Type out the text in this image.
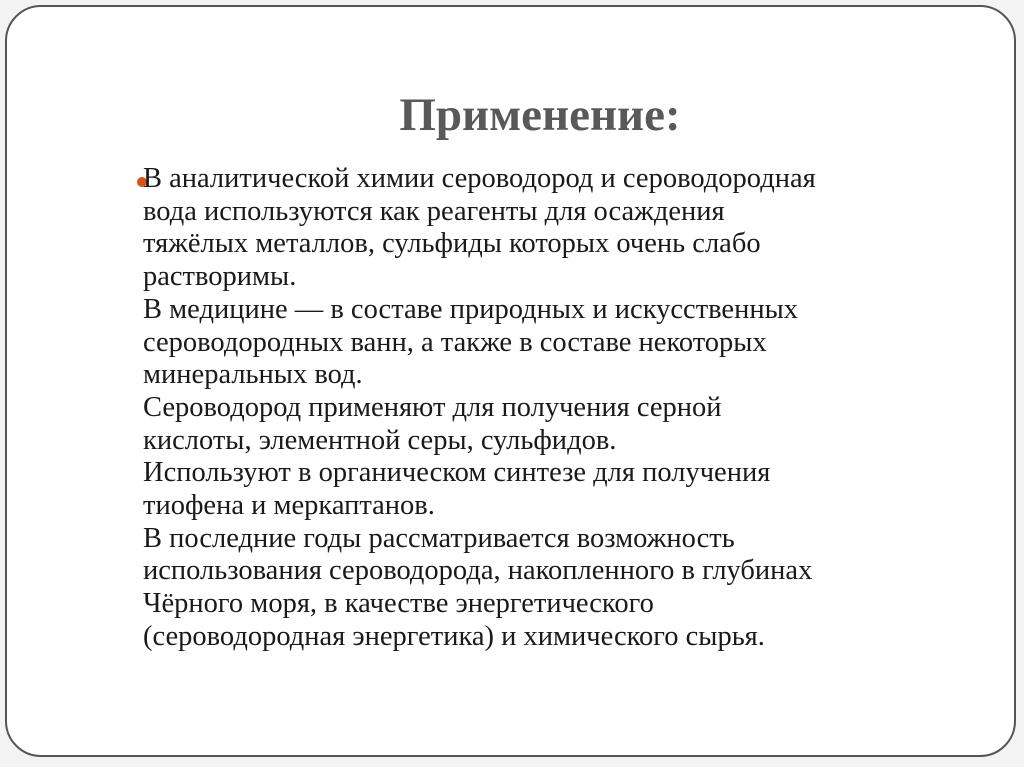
Применение:
В аналитической химии сероводород и сероводородная
вода используются как реагенты для осаждения
тяжёлых металлов, сульфиды которых очень слабо
растворимы.
В медицине — в составе природных и искусственных
сероводородных ванн, а также в составе некоторых
минеральных вод.
Сероводород применяют для получения серной
кислоты, элементной серы, сульфидов.
Используют в органическом синтезе для получения
тиофена и меркаптанов.
В последние годы рассматривается возможность
использования сероводорода, накопленного в глубинах
Чёрного моря, в качестве энергетического
(сероводородная энергетика) и химического сырья.
